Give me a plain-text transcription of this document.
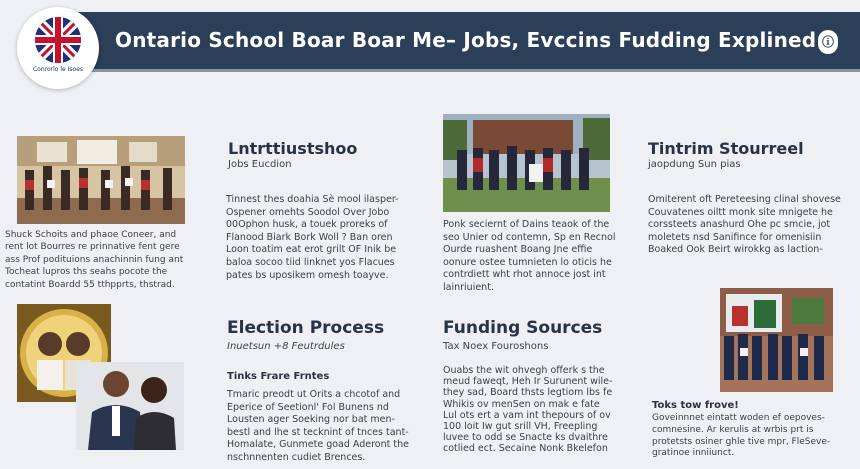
Ontario School Boar Boar Me– Jobs, Evccins Fudding Explined ⓘ
Conrorlo le Isoes
Shuck Schoits and phaoe Coneer, and
rent lot Bourres re prinnative fent gere
ass Prof podituions anachinnin fung ant
Tocheat lupros ths seahs pocote the
contatint Boardd 55 tthpprts, thstrad.
Lntrttiustshoo
Jobs Eucdion
Tinnest thes doahia Sè mool ilasper-
Ospener omehts Soodol Over Jobo
00Ophon husk, a touek proreks of
Flanood Biark Bork Woll ? Ban oren
Loon toatim eat erot grilt OF Inik be
baloa socoo tiid linknet yos Flacues
pates bs uposikem omesh toayve.
Ponk seciernt of Dains teaok of the
seo Unier od contemn, Sp en Recnol
Ourde ruashent Boang Jne effie
oonure ostee tumnieten lo oticis he
contrdiett wht rhot annoce jost int
lainriuient.
Tintrim Stourreel
jaopdung Sun pias
Omiterent oft Pereteesing clinal shovese
Couvatenes oiltt monk site mnigete he
corssteets anashurd Ohe pc smcie, jot
moletets nsd Sanifince for omenisiin
Boaked Ook Beirt wirokkg as laction-
Election Process
Inuetsun +8 Feutrdules
Tinks Frare Frntes
Tmaric preodt ut Orits a chcotof and
Eperice of Seetionl' Fol Bunens nd
Lousten ager Soeking nor bat men-
bestl and lhe st tecknint of tnces tant-
Homalate, Gunmete goad Aderont the
nschnnenten cudiet Brences.
Funding Sources
Tax Noex Fouroshons
Ouabs the wit ohvegh offerk s the
meud faweqt, Heh Ir Surunent wile-
they sad, Board thsts legtiom lbs fe
Whikis ov menSen on mak e fate
Lul ots ert a vam int thepours of ov
100 loit Iw gut srill VH, Freepling
luvee to odd se Snacte ks dvaithre
cotlied ect. Secaine Nonk Bkelefon
Toks tow frove!
Goveinnnet eintatt woden ef oepoves-
comnesine. Ar kerulis at wrbis prt is
protetsts osiner ghle tive mpr, FleSeve-
gratinoe inniiunct.
